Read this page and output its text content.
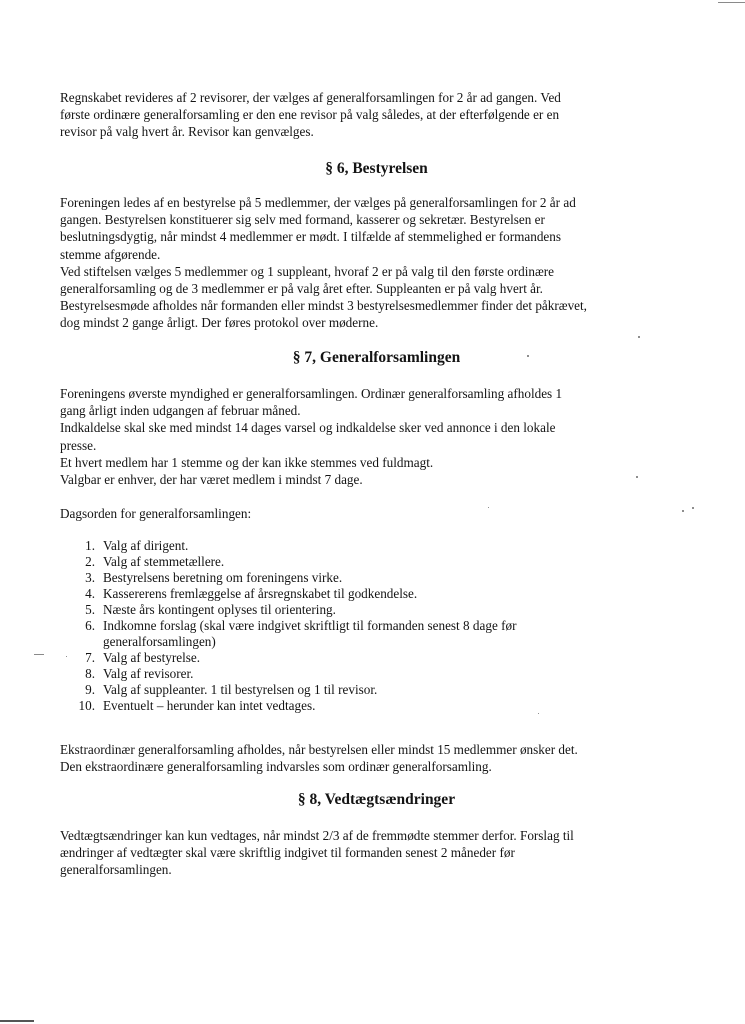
Regnskabet revideres af 2 revisorer, der vælges af generalforsamlingen for 2 år ad gangen. Ved
første ordinære generalforsamling er den ene revisor på valg således, at der efterfølgende er en
revisor på valg hvert år. Revisor kan genvælges.

§ 6, Bestyrelsen

Foreningen ledes af en bestyrelse på 5 medlemmer, der vælges på generalforsamlingen for 2 år ad
gangen. Bestyrelsen konstituerer sig selv med formand, kasserer og sekretær. Bestyrelsen er
beslutningsdygtig, når mindst 4 medlemmer er mødt. I tilfælde af stemmelighed er formandens
stemme afgørende.
Ved stiftelsen vælges 5 medlemmer og 1 suppleant, hvoraf 2 er på valg til den første ordinære
generalforsamling og de 3 medlemmer er på valg året efter. Suppleanten er på valg hvert år.
Bestyrelsesmøde afholdes når formanden eller mindst 3 bestyrelsesmedlemmer finder det påkrævet,
dog mindst 2 gange årligt. Der føres protokol over møderne.

§ 7, Generalforsamlingen

Foreningens øverste myndighed er generalforsamlingen. Ordinær generalforsamling afholdes 1
gang årligt inden udgangen af februar måned.
Indkaldelse skal ske med mindst 14 dages varsel og indkaldelse sker ved annonce i den lokale
presse.
Et hvert medlem har 1 stemme og der kan ikke stemmes ved fuldmagt.
Valgbar er enhver, der har været medlem i mindst 7 dage.

Dagsorden for generalforsamlingen:

1. Valg af dirigent.
2. Valg af stemmetællere.
3. Bestyrelsens beretning om foreningens virke.
4. Kassererens fremlæggelse af årsregnskabet til godkendelse.
5. Næste års kontingent oplyses til orientering.
6. Indkomne forslag (skal være indgivet skriftligt til formanden senest 8 dage før
generalforsamlingen)
7. Valg af bestyrelse.
8. Valg af revisorer.
9. Valg af suppleanter. 1 til bestyrelsen og 1 til revisor.
10. Eventuelt – herunder kan intet vedtages.

Ekstraordinær generalforsamling afholdes, når bestyrelsen eller mindst 15 medlemmer ønsker det.
Den ekstraordinære generalforsamling indvarsles som ordinær generalforsamling.

§ 8, Vedtægtsændringer

Vedtægtsændringer kan kun vedtages, når mindst 2/3 af de fremmødte stemmer derfor. Forslag til
ændringer af vedtægter skal være skriftlig indgivet til formanden senest 2 måneder før
generalforsamlingen.
